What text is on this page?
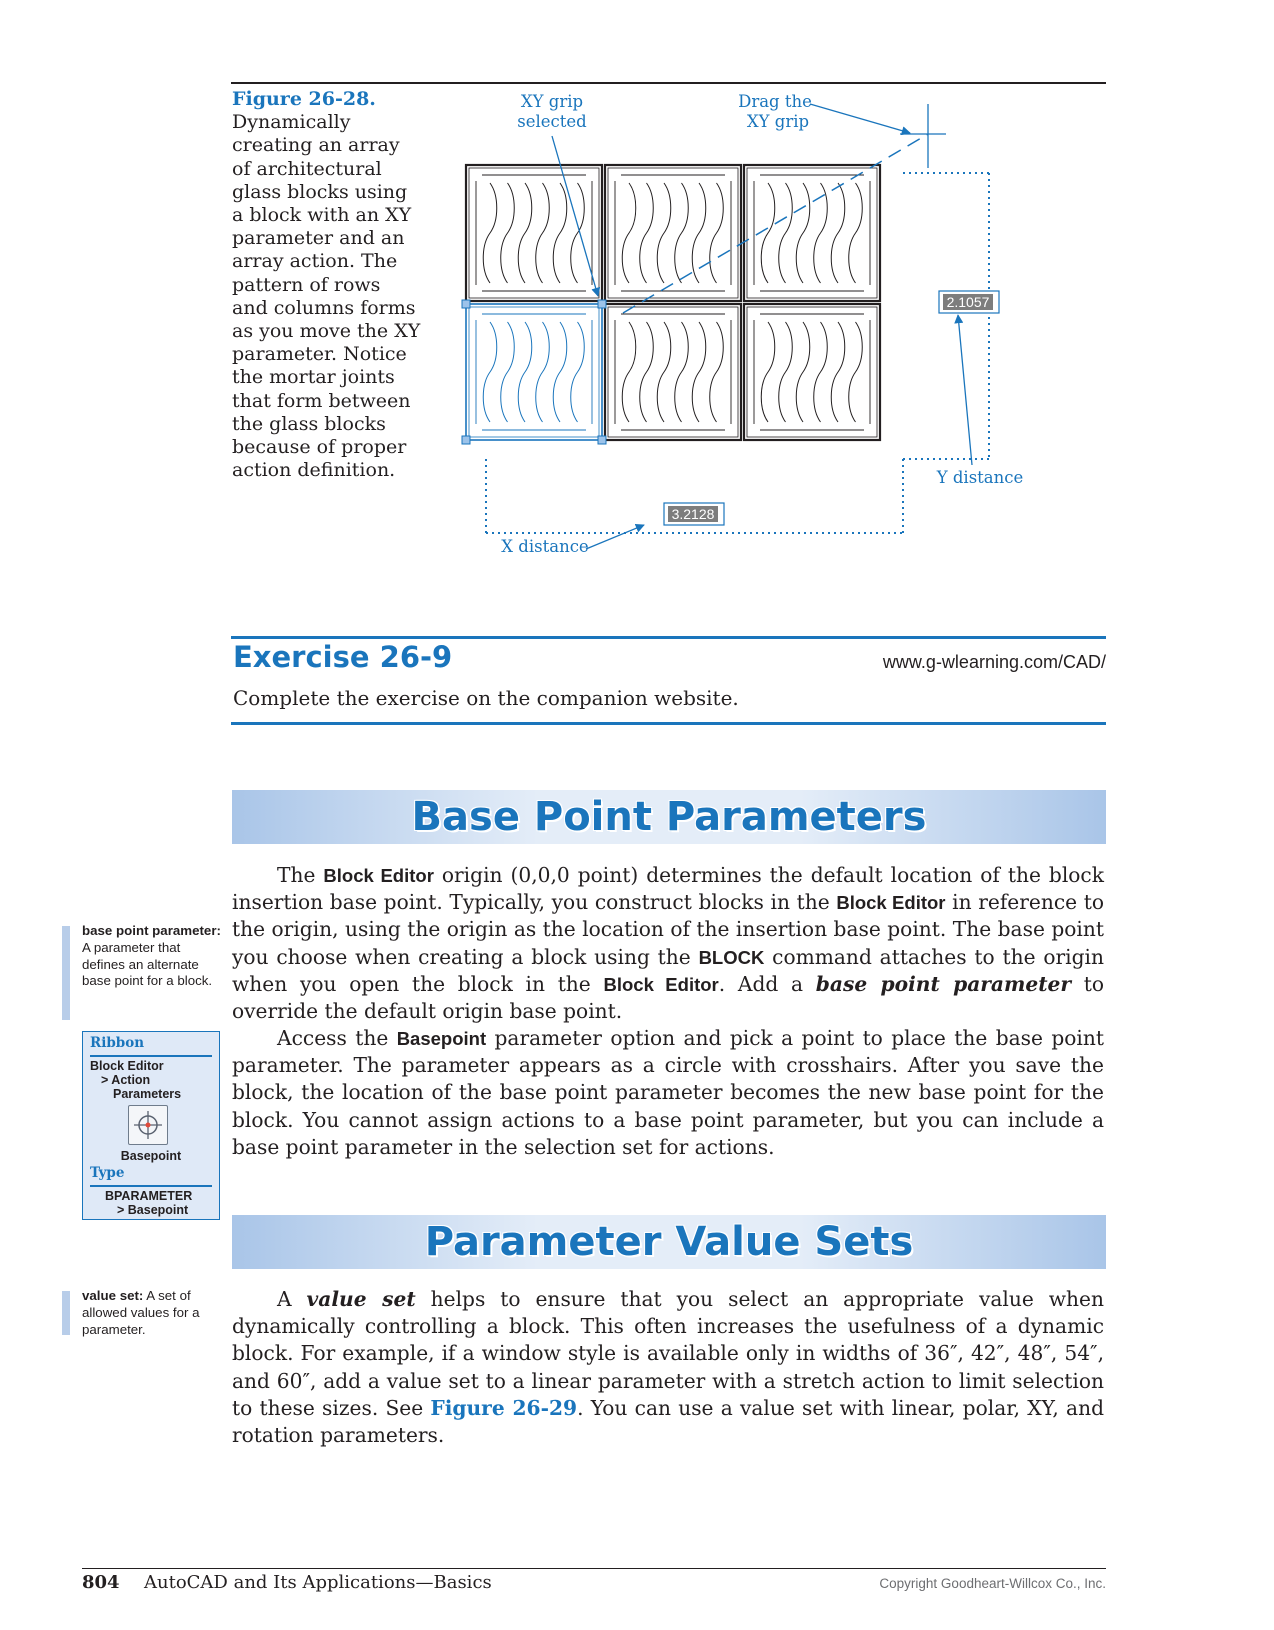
Figure 26-28. Dynamically creating an array of architectural glass blocks using a block with an XY parameter and an array action. The pattern of rows and columns forms as you move the XY parameter. Notice the mortar joints that form between the glass blocks because of proper action definition.
2.1057
3.2128
XY grip
selected
Drag the
XY grip
Y distance
X distance
Exercise 26-9	www.g-wlearning.com/CAD/
Complete the exercise on the companion website.
Base Point Parameters
The Block Editor origin (0,0,0 point) determines the default location of the block insertion base point. Typically, you construct blocks in the Block Editor in reference to the origin, using the origin as the location of the insertion base point. The base point you choose when creating a block using the BLOCK command attaches to the origin when you open the block in the Block Editor. Add a base point parameter to override the default origin base point.
Access the Basepoint parameter option and pick a point to place the base point parameter. The parameter appears as a circle with crosshairs. After you save the block, the location of the base point parameter becomes the new base point for the block. You cannot assign actions to a base point parameter, but you can include a base point parameter in the selection set for actions.
base point parameter: A parameter that defines an alternate base point for a block.
Ribbon
Block Editor
> Action
Parameters
Basepoint
Type
BPARAMETER
> Basepoint
Parameter Value Sets
value set: A set of allowed values for a parameter.
A value set helps to ensure that you select an appropriate value when dynamically controlling a block. This often increases the usefulness of a dynamic block. For example, if a window style is available only in widths of 36″, 42″, 48″, 54″, and 60″, add a value set to a linear parameter with a stretch action to limit selection to these sizes. See Figure 26-29. You can use a value set with linear, polar, XY, and rotation parameters.
804 AutoCAD and Its Applications—Basics	Copyright Goodheart-Willcox Co., Inc.
